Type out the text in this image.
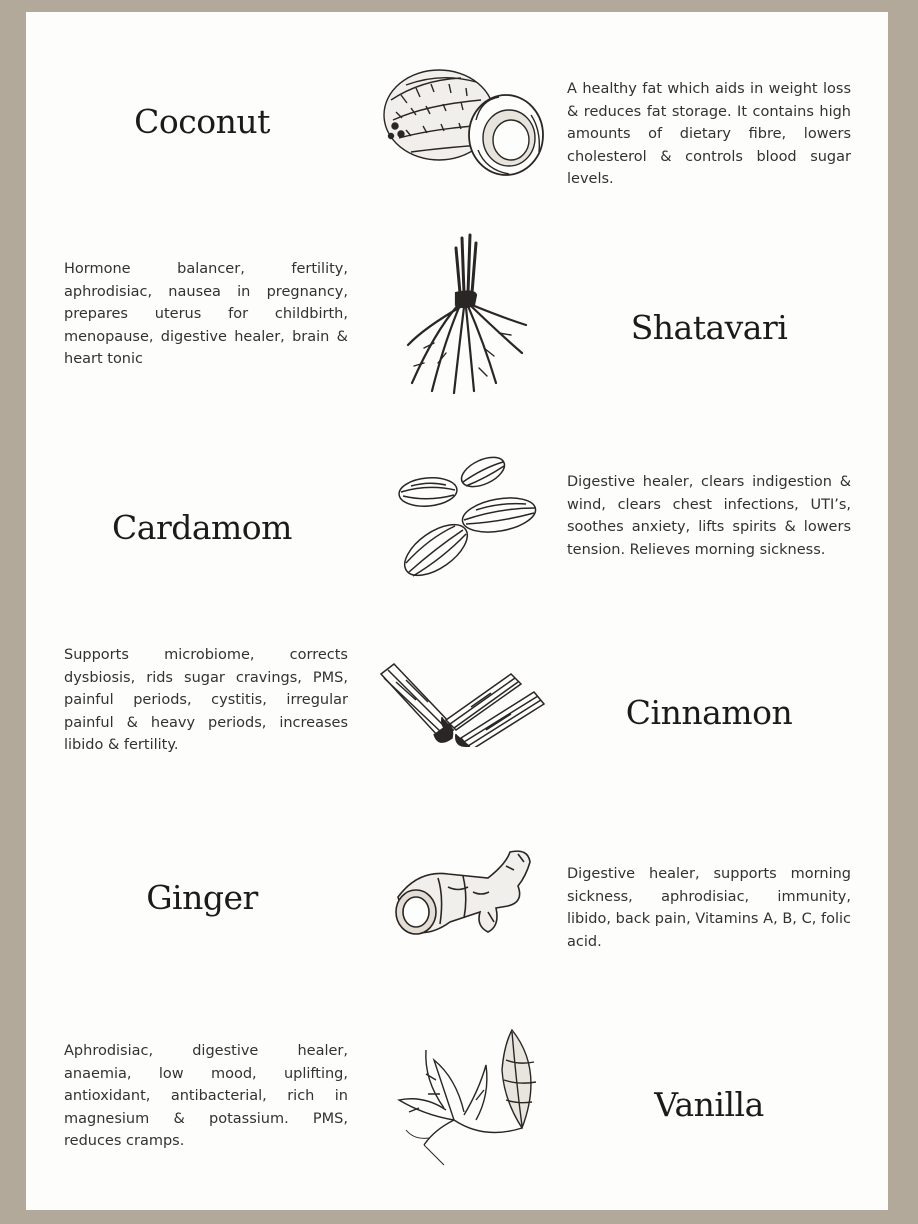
Coconut
A healthy fat which aids in weight loss & reduces fat storage. It contains high amounts of dietary fibre, lowers cholesterol & controls blood sugar levels.
Hormone balancer, fertility, aphrodisiac, nausea in pregnancy, prepares uterus for childbirth, menopause, digestive healer, brain & heart tonic
Shatavari
Cardamom
Digestive healer, clears indigestion & wind, clears chest infections, UTI’s, soothes anxiety, lifts spirits & lowers tension. Relieves morning sickness.
Supports microbiome, corrects dysbiosis, rids sugar cravings, PMS, painful periods, cystitis, irregular painful & heavy periods, increases libido & fertility.
Cinnamon
Ginger
Digestive healer, supports morning sickness, aphrodisiac, immunity, libido, back pain, Vitamins A, B, C, folic acid.
Aphrodisiac, digestive healer, anaemia, low mood, uplifting, antioxidant, antibacterial, rich in magnesium & potassium. PMS, reduces cramps.
Vanilla
